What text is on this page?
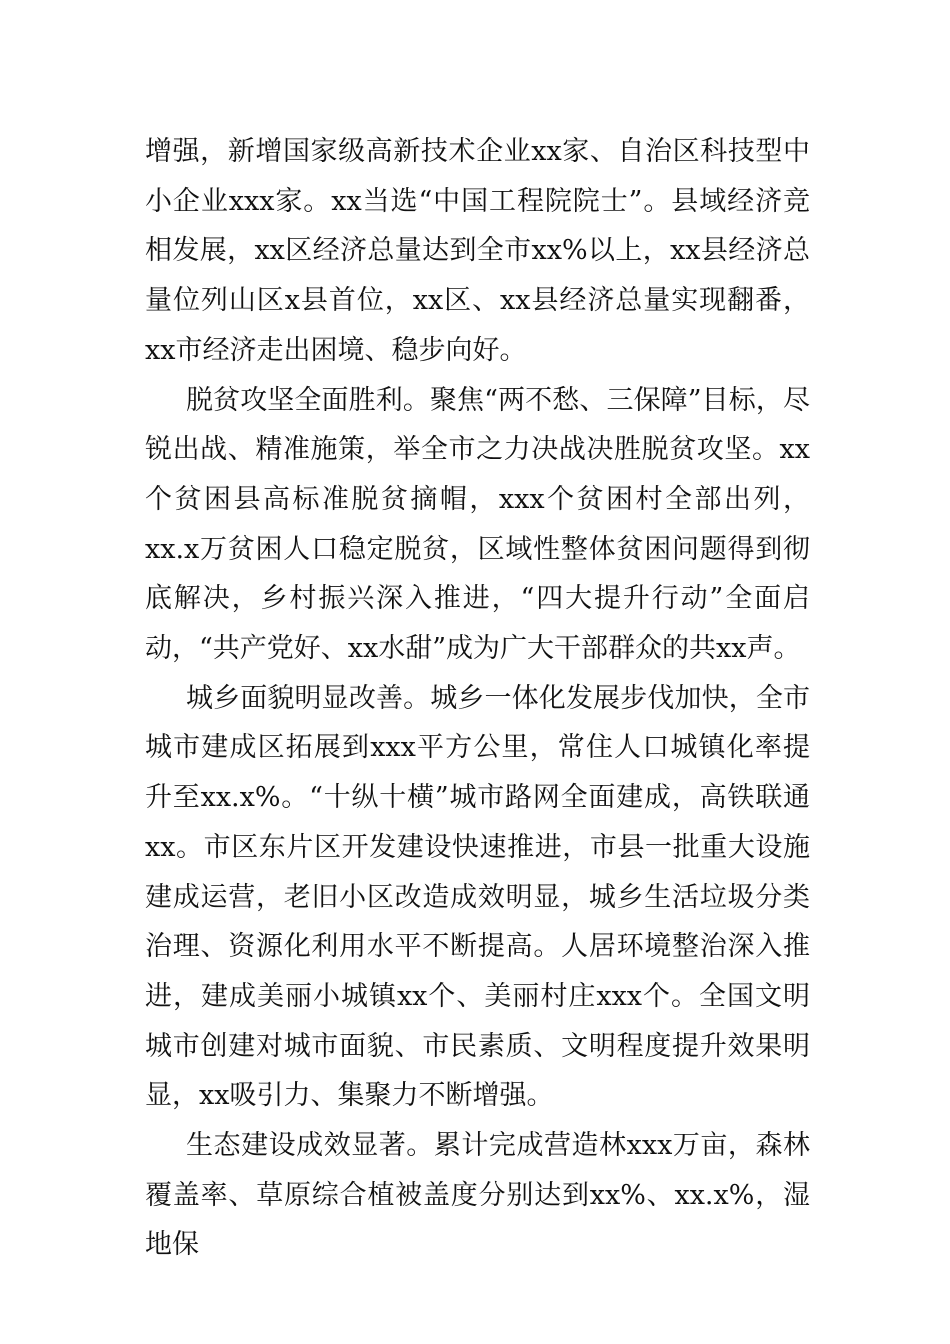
增强，新增国家级高新技术企业xx家、自治区科技型中小企业xxx家。xx当选“中国工程院院士”。县域经济竞相发展，xx区经济总量达到全市xx%以上，xx县经济总量位列山区x县首位，xx区、xx县经济总量实现翻番，xx市经济走出困境、稳步向好。

脱贫攻坚全面胜利。聚焦“两不愁、三保障”目标，尽锐出战、精准施策，举全市之力决战决胜脱贫攻坚。xx个贫困县高标准脱贫摘帽，xxx个贫困村全部出列，xx.x万贫困人口稳定脱贫，区域性整体贫困问题得到彻底解决，乡村振兴深入推进，“四大提升行动”全面启动，“共产党好、xx水甜”成为广大干部群众的共xx声。

城乡面貌明显改善。城乡一体化发展步伐加快，全市城市建成区拓展到xxx平方公里，常住人口城镇化率提升至xx.x%。“十纵十横”城市路网全面建成，高铁联通xx。市区东片区开发建设快速推进，市县一批重大设施建成运营，老旧小区改造成效明显，城乡生活垃圾分类治理、资源化利用水平不断提高。人居环境整治深入推进，建成美丽小城镇xx个、美丽村庄xxx个。全国文明城市创建对城市面貌、市民素质、文明程度提升效果明显，xx吸引力、集聚力不断增强。

生态建设成效显著。累计完成营造林xxx万亩，森林覆盖率、草原综合植被盖度分别达到xx%、xx.x%，湿地保
